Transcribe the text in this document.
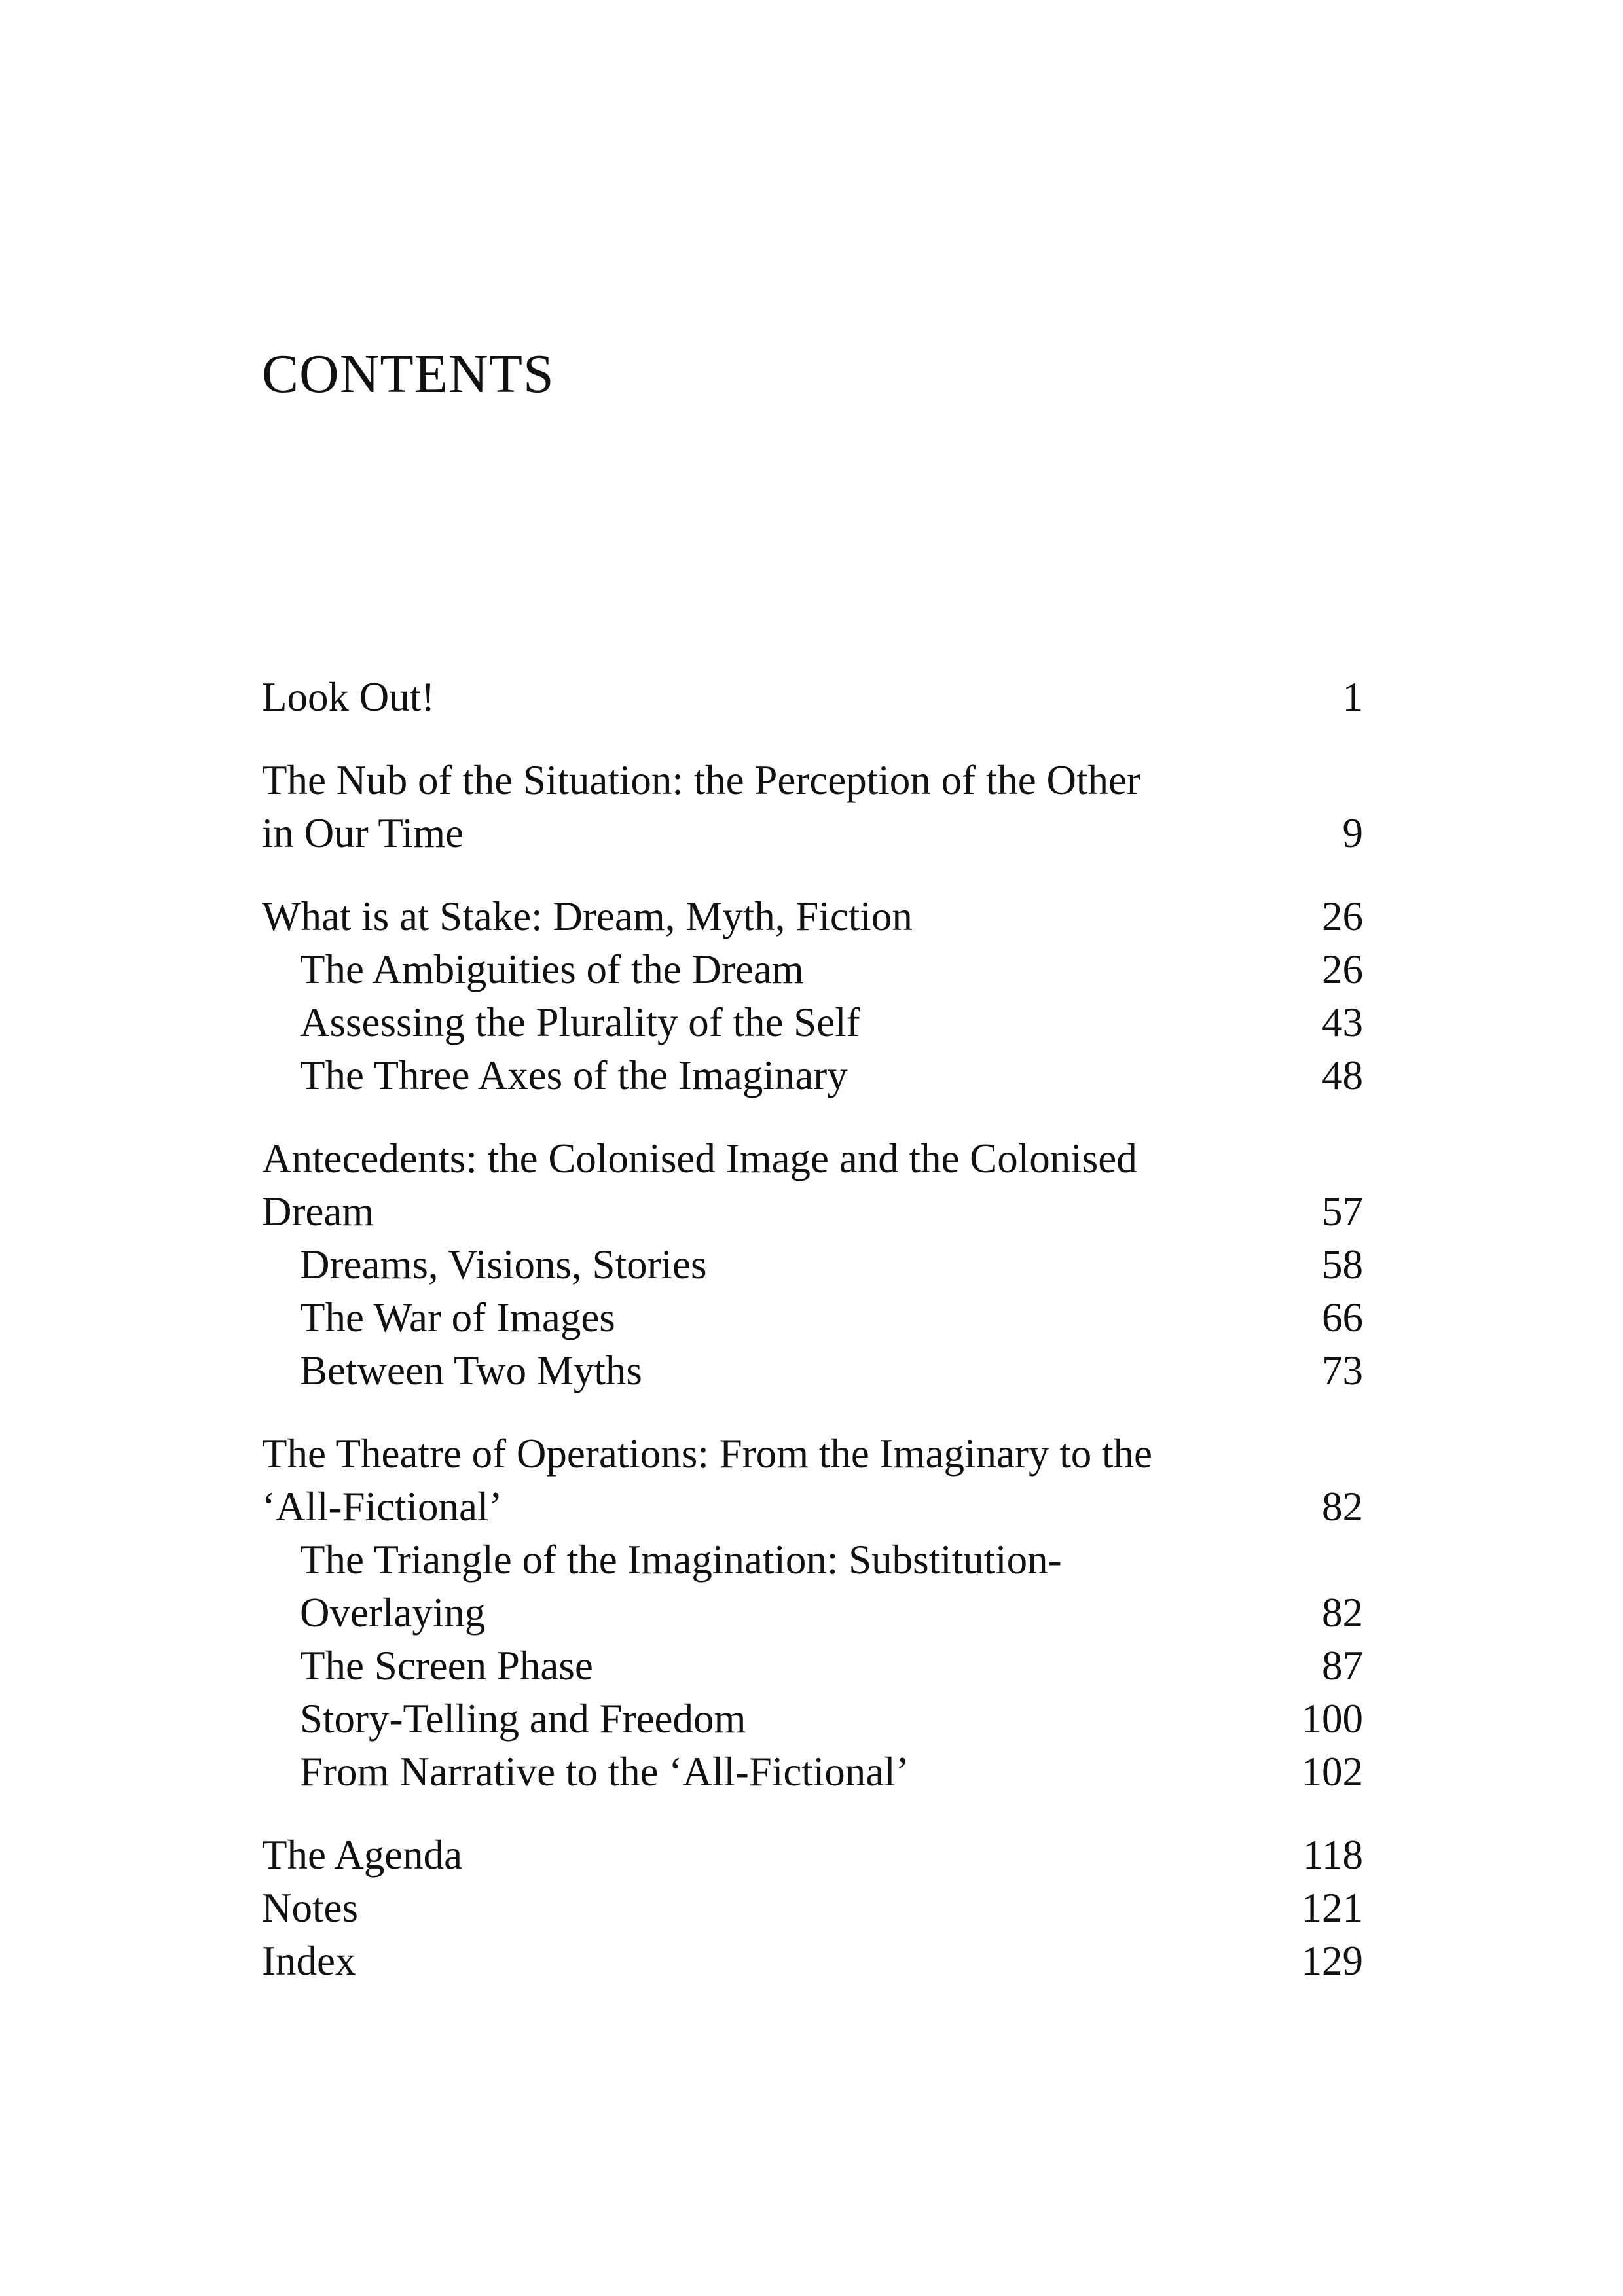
CONTENTS
Look Out!	1
The Nub of the Situation: the Perception of the Other
in Our Time	9
What is at Stake: Dream, Myth, Fiction	26
The Ambiguities of the Dream	26
Assessing the Plurality of the Self	43
The Three Axes of the Imaginary	48
Antecedents: the Colonised Image and the Colonised
Dream	57
Dreams, Visions, Stories	58
The War of Images	66
Between Two Myths	73
The Theatre of Operations: From the Imaginary to the
‘All-Fictional’	82
The Triangle of the Imagination: Substitution-
Overlaying	82
The Screen Phase	87
Story-Telling and Freedom	100
From Narrative to the ‘All-Fictional’	102
The Agenda	118
Notes	121
Index	129
